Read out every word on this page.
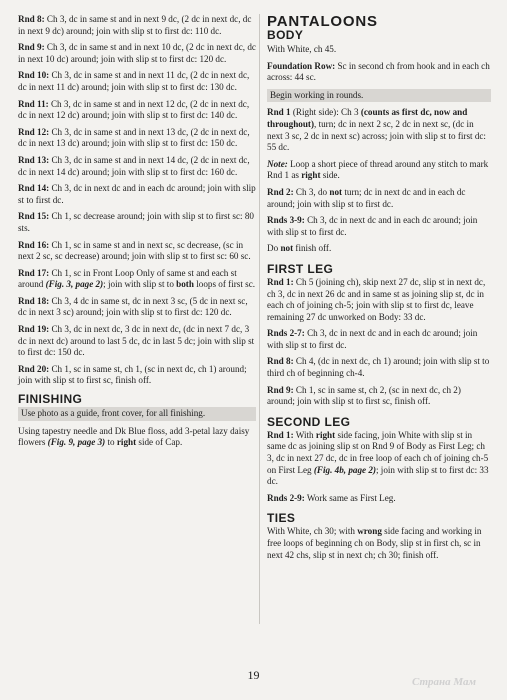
Rnd 8: Ch 3, dc in same st and in next 9 dc, (2 dc in next dc, dc in next 9 dc) around; join with slip st to first dc: 110 dc.

Rnd 9: Ch 3, dc in same st and in next 10 dc, (2 dc in next dc, dc in next 10 dc) around; join with slip st to first dc: 120 dc.

Rnd 10: Ch 3, dc in same st and in next 11 dc, (2 dc in next dc, dc in next 11 dc) around; join with slip st to first dc: 130 dc.

Rnd 11: Ch 3, dc in same st and in next 12 dc, (2 dc in next dc, dc in next 12 dc) around; join with slip st to first dc: 140 dc.

Rnd 12: Ch 3, dc in same st and in next 13 dc, (2 dc in next dc, dc in next 13 dc) around; join with slip st to first dc: 150 dc.

Rnd 13: Ch 3, dc in same st and in next 14 dc, (2 dc in next dc, dc in next 14 dc) around; join with slip st to first dc: 160 dc.

Rnd 14: Ch 3, dc in next dc and in each dc around; join with slip st to first dc.

Rnd 15: Ch 1, sc decrease around; join with slip st to first sc: 80 sts.

Rnd 16: Ch 1, sc in same st and in next sc, sc decrease, (sc in next 2 sc, sc decrease) around; join with slip st to first sc: 60 sc.

Rnd 17: Ch 1, sc in Front Loop Only of same st and each st around (Fig. 3, page 2); join with slip st to both loops of first sc.

Rnd 18: Ch 3, 4 dc in same st, dc in next 3 sc, (5 dc in next sc, dc in next 3 sc) around; join with slip st to first dc: 120 dc.

Rnd 19: Ch 3, dc in next dc, 3 dc in next dc, (dc in next 7 dc, 3 dc in next dc) around to last 5 dc, dc in last 5 dc; join with slip st to first dc: 150 dc.

Rnd 20: Ch 1, sc in same st, ch 1, (sc in next dc, ch 1) around; join with slip st to first sc, finish off.

FINISHING
Use photo as a guide, front cover, for all finishing.

Using tapestry needle and Dk Blue floss, add 3-petal lazy daisy flowers (Fig. 9, page 3) to right side of Cap.

PANTALOONS
BODY

With White, ch 45.

Foundation Row: Sc in second ch from hook and in each ch across: 44 sc.

Begin working in rounds.

Rnd 1 (Right side): Ch 3 (counts as first dc, now and throughout), turn; dc in next 2 sc, 2 dc in next sc, (dc in next 3 sc, 2 dc in next sc) across; join with slip st to first dc: 55 dc.

Note: Loop a short piece of thread around any stitch to mark Rnd 1 as right side.

Rnd 2: Ch 3, do not turn; dc in next dc and in each dc around; join with slip st to first dc.

Rnds 3-9: Ch 3, dc in next dc and in each dc around; join with slip st to first dc.

Do not finish off.

FIRST LEG

Rnd 1: Ch 5 (joining ch), skip next 27 dc, slip st in next dc, ch 3, dc in next 26 dc and in same st as joining slip st, dc in each ch of joining ch-5; join with slip st to first dc, leave remaining 27 dc unworked on Body: 33 dc.

Rnds 2-7: Ch 3, dc in next dc and in each dc around; join with slip st to first dc.

Rnd 8: Ch 4, (dc in next dc, ch 1) around; join with slip st to third ch of beginning ch-4.

Rnd 9: Ch 1, sc in same st, ch 2, (sc in next dc, ch 2) around; join with slip st to first sc, finish off.

SECOND LEG

Rnd 1: With right side facing, join White with slip st in same dc as joining slip st on Rnd 9 of Body as First Leg; ch 3, dc in next 27 dc, dc in free loop of each ch of joining ch-5 on First Leg (Fig. 4b, page 2); join with slip st to first dc: 33 dc.

Rnds 2-9: Work same as First Leg.

TIES

With White, ch 30; with wrong side facing and working in free loops of beginning ch on Body, slip st in first ch, sc in next 42 chs, slip st in next ch; ch 30; finish off.

19	Страна Мам
